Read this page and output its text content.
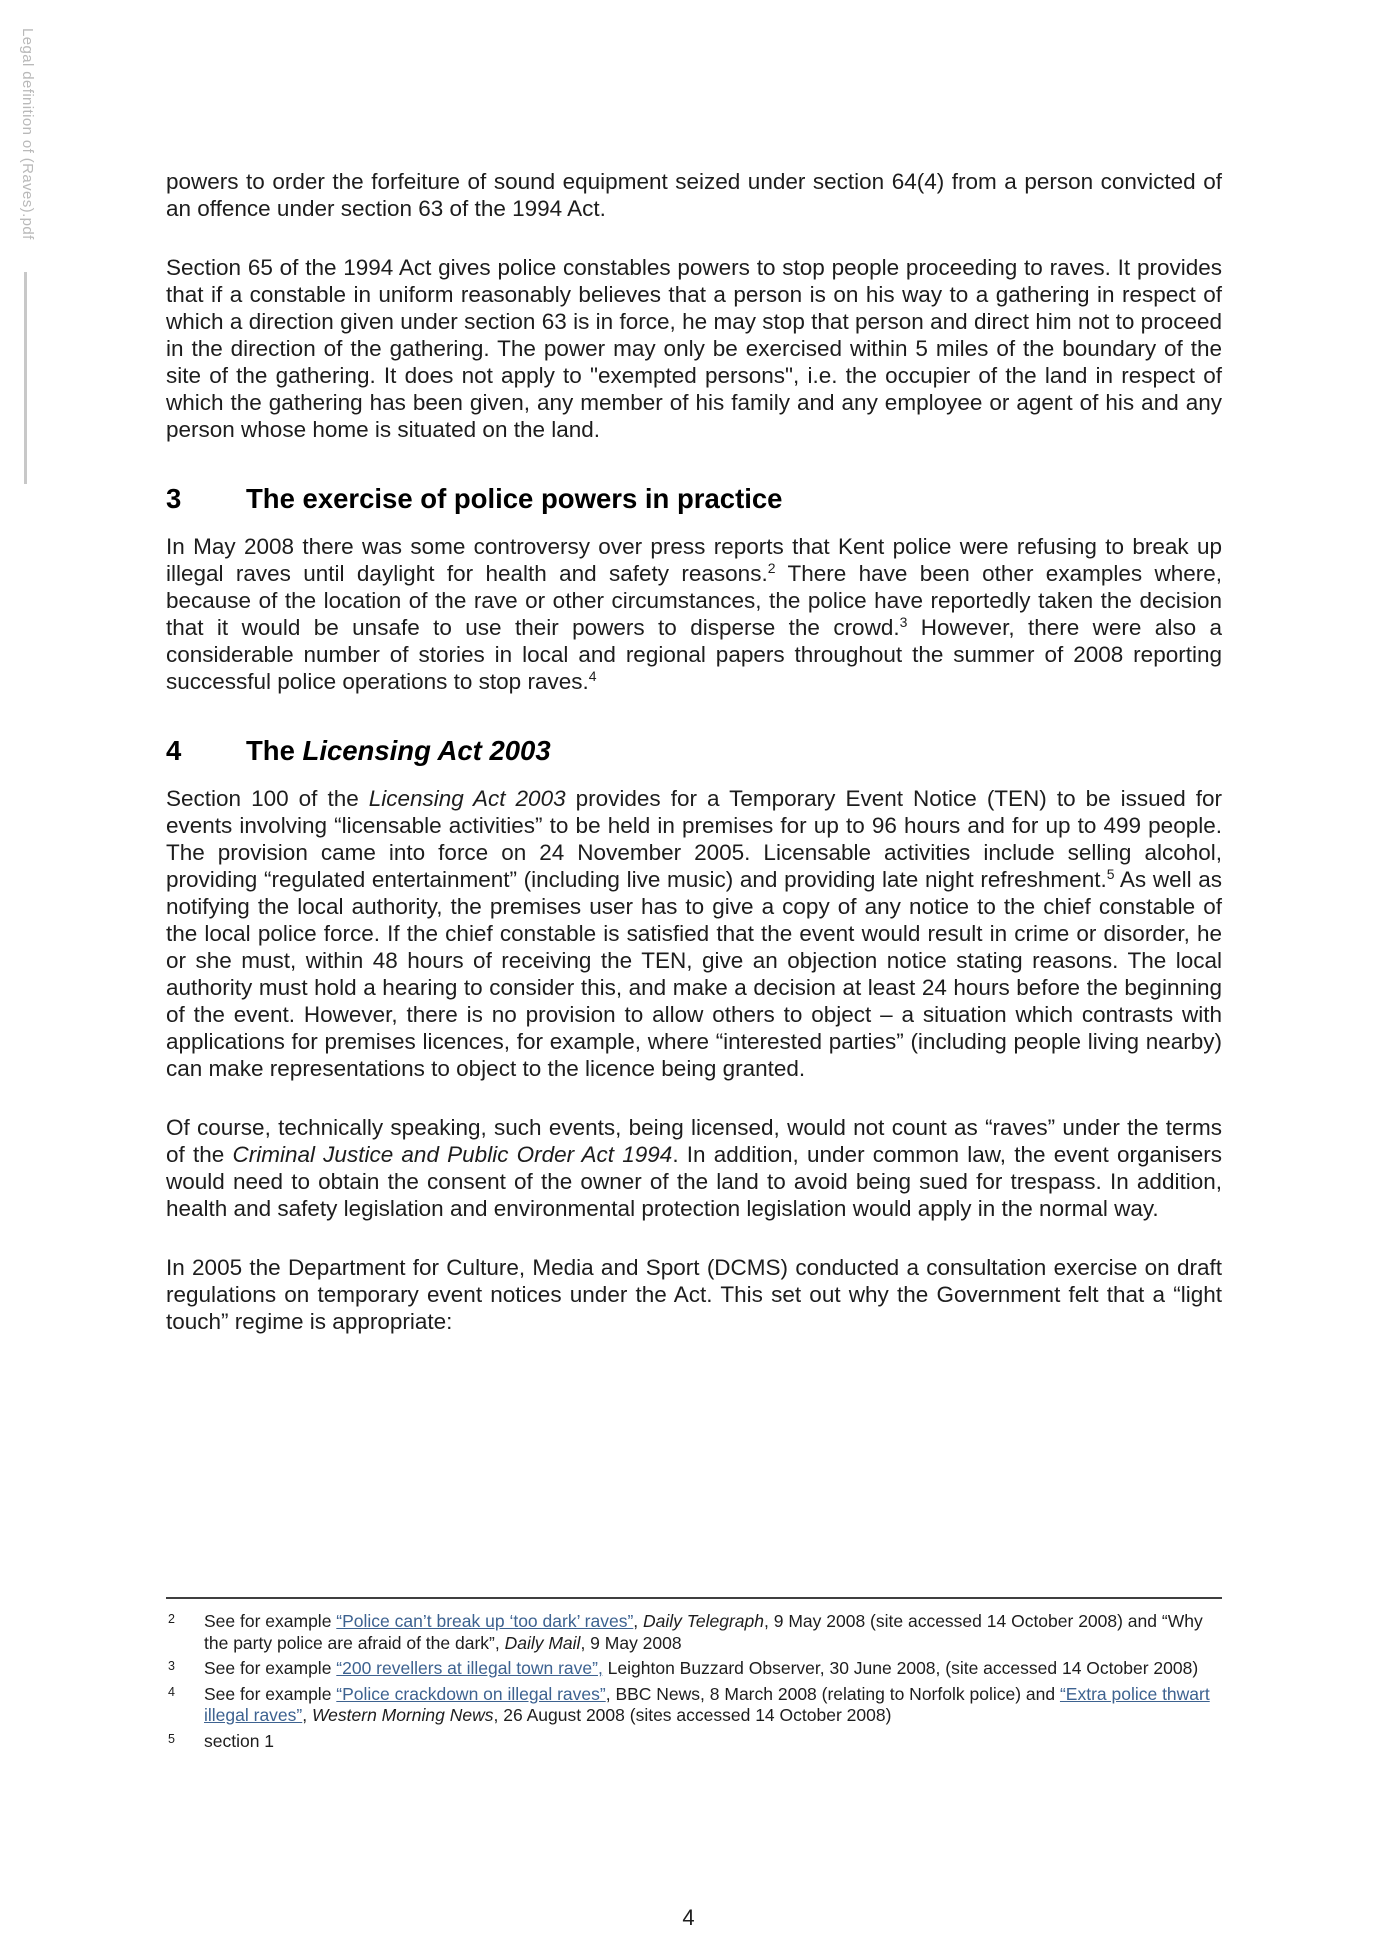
Legal definition of (Raves).pdf	powers to order the forfeiture of sound equipment seized under section 64(4) from a person convicted of an offence under section 63 of the 1994 Act.
Section 65 of the 1994 Act gives police constables powers to stop people proceeding to raves. It provides that if a constable in uniform reasonably believes that a person is on his way to a gathering in respect of which a direction given under section 63 is in force, he may stop that person and direct him not to proceed in the direction of the gathering. The power may only be exercised within 5 miles of the boundary of the site of the gathering. It does not apply to "exempted persons", i.e. the occupier of the land in respect of which the gathering has been given, any member of his family and any employee or agent of his and any person whose home is situated on the land.
3	The exercise of police powers in practice
In May 2008 there was some controversy over press reports that Kent police were refusing to break up illegal raves until daylight for health and safety reasons.$^2$ There have been other examples where, because of the location of the rave or other circumstances, the police have reportedly taken the decision that it would be unsafe to use their powers to disperse the crowd.$^3$ However, there were also a considerable number of stories in local and regional papers throughout the summer of 2008 reporting successful police operations to stop raves.$^4$
4	The Licensing Act 2003
Section 100 of the Licensing Act 2003 provides for a Temporary Event Notice (TEN) to be issued for events involving “licensable activities” to be held in premises for up to 96 hours and for up to 499 people. The provision came into force on 24 November 2005. Licensable activities include selling alcohol, providing “regulated entertainment” (including live music) and providing late night refreshment.$^5$ As well as notifying the local authority, the premises user has to give a copy of any notice to the chief constable of the local police force. If the chief constable is satisfied that the event would result in crime or disorder, he or she must, within 48 hours of receiving the TEN, give an objection notice stating reasons. The local authority must hold a hearing to consider this, and make a decision at least 24 hours before the beginning of the event. However, there is no provision to allow others to object – a situation which contrasts with applications for premises licences, for example, where “interested parties” (including people living nearby) can make representations to object to the licence being granted.
Of course, technically speaking, such events, being licensed, would not count as “raves” under the terms of the Criminal Justice and Public Order Act 1994. In addition, under common law, the event organisers would need to obtain the consent of the owner of the land to avoid being sued for trespass. In addition, health and safety legislation and environmental protection legislation would apply in the normal way.
In 2005 the Department for Culture, Media and Sport (DCMS) conducted a consultation exercise on draft regulations on temporary event notices under the Act. This set out why the Government felt that a “light touch” regime is appropriate:
2 See for example “Police can’t break up ‘too dark’ raves”, Daily Telegraph, 9 May 2008 (site accessed 14 October 2008) and “Why the party police are afraid of the dark”, Daily Mail, 9 May 2008
3 See for example “200 revellers at illegal town rave”, Leighton Buzzard Observer, 30 June 2008, (site accessed 14 October 2008)
4 See for example “Police crackdown on illegal raves”, BBC News, 8 March 2008 (relating to Norfolk police) and “Extra police thwart illegal raves”, Western Morning News, 26 August 2008 (sites accessed 14 October 2008)
5 section 1
4
